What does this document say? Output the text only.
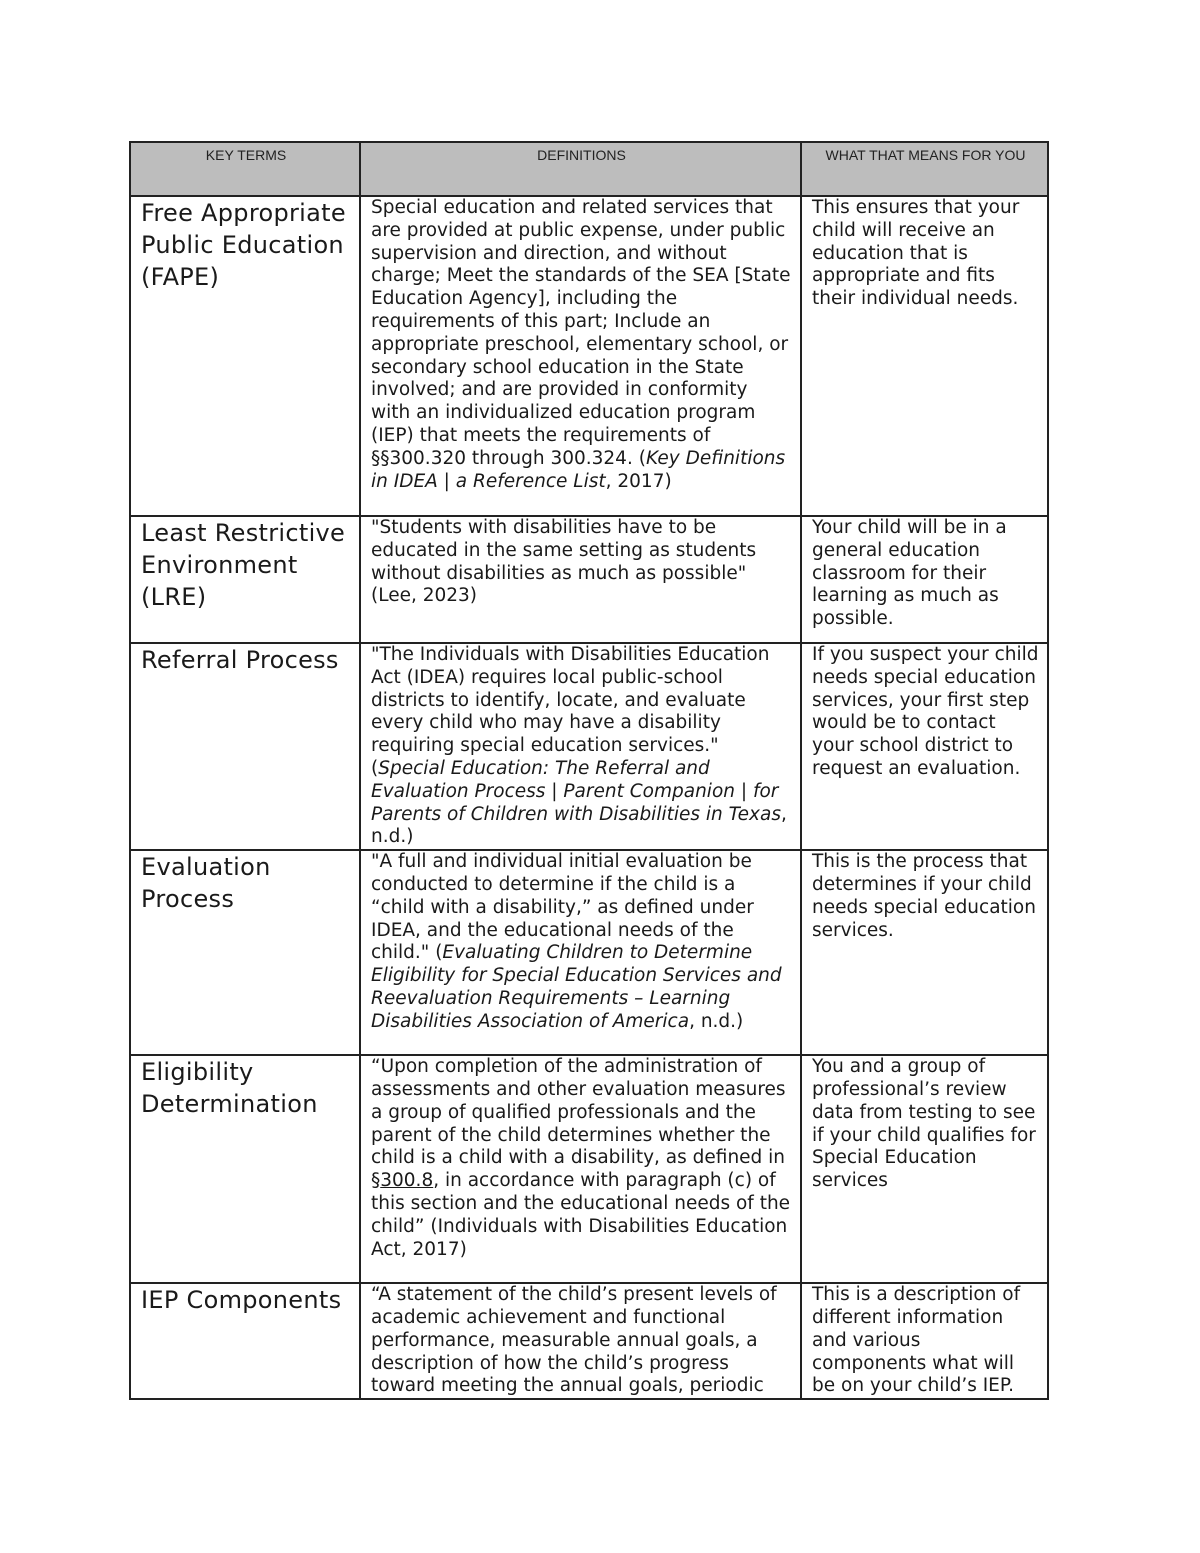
KEY TERMS	DEFINITIONS	WHAT THAT MEANS FOR YOU
Free Appropriate Public Education (FAPE)	Special education and related services that are provided at public expense, under public supervision and direction, and without charge; Meet the standards of the SEA [State Education Agency], including the requirements of this part; Include an appropriate preschool, elementary school, or secondary school education in the State involved; and are provided in conformity with an individualized education program (IEP) that meets the requirements of §§300.320 through 300.324. (Key Definitions in IDEA | a Reference List, 2017)	This ensures that your child will receive an education that is appropriate and fits their individual needs.
Least Restrictive Environment (LRE)	"Students with disabilities have to be educated in the same setting as students without disabilities as much as possible" (Lee, 2023)	Your child will be in a general education classroom for their learning as much as possible.
Referral Process	"The Individuals with Disabilities Education Act (IDEA) requires local public-school districts to identify, locate, and evaluate every child who may have a disability requiring special education services." (Special Education: The Referral and Evaluation Process | Parent Companion | for Parents of Children with Disabilities in Texas, n.d.)	If you suspect your child needs special education services, your first step would be to contact your school district to request an evaluation.
Evaluation Process	"A full and individual initial evaluation be conducted to determine if the child is a “child with a disability,” as defined under IDEA, and the educational needs of the child." (Evaluating Children to Determine Eligibility for Special Education Services and Reevaluation Requirements – Learning Disabilities Association of America, n.d.)	This is the process that determines if your child needs special education services.
Eligibility Determination	“Upon completion of the administration of assessments and other evaluation measures a group of qualified professionals and the parent of the child determines whether the child is a child with a disability, as defined in §300.8, in accordance with paragraph (c) of this section and the educational needs of the child” (Individuals with Disabilities Education Act, 2017)	You and a group of professional’s review data from testing to see if your child qualifies for Special Education services
IEP Components	“A statement of the child’s present levels of academic achievement and functional performance, measurable annual goals, a description of how the child’s progress toward meeting the annual goals, periodic	This is a description of different information and various components what will be on your child’s IEP.
